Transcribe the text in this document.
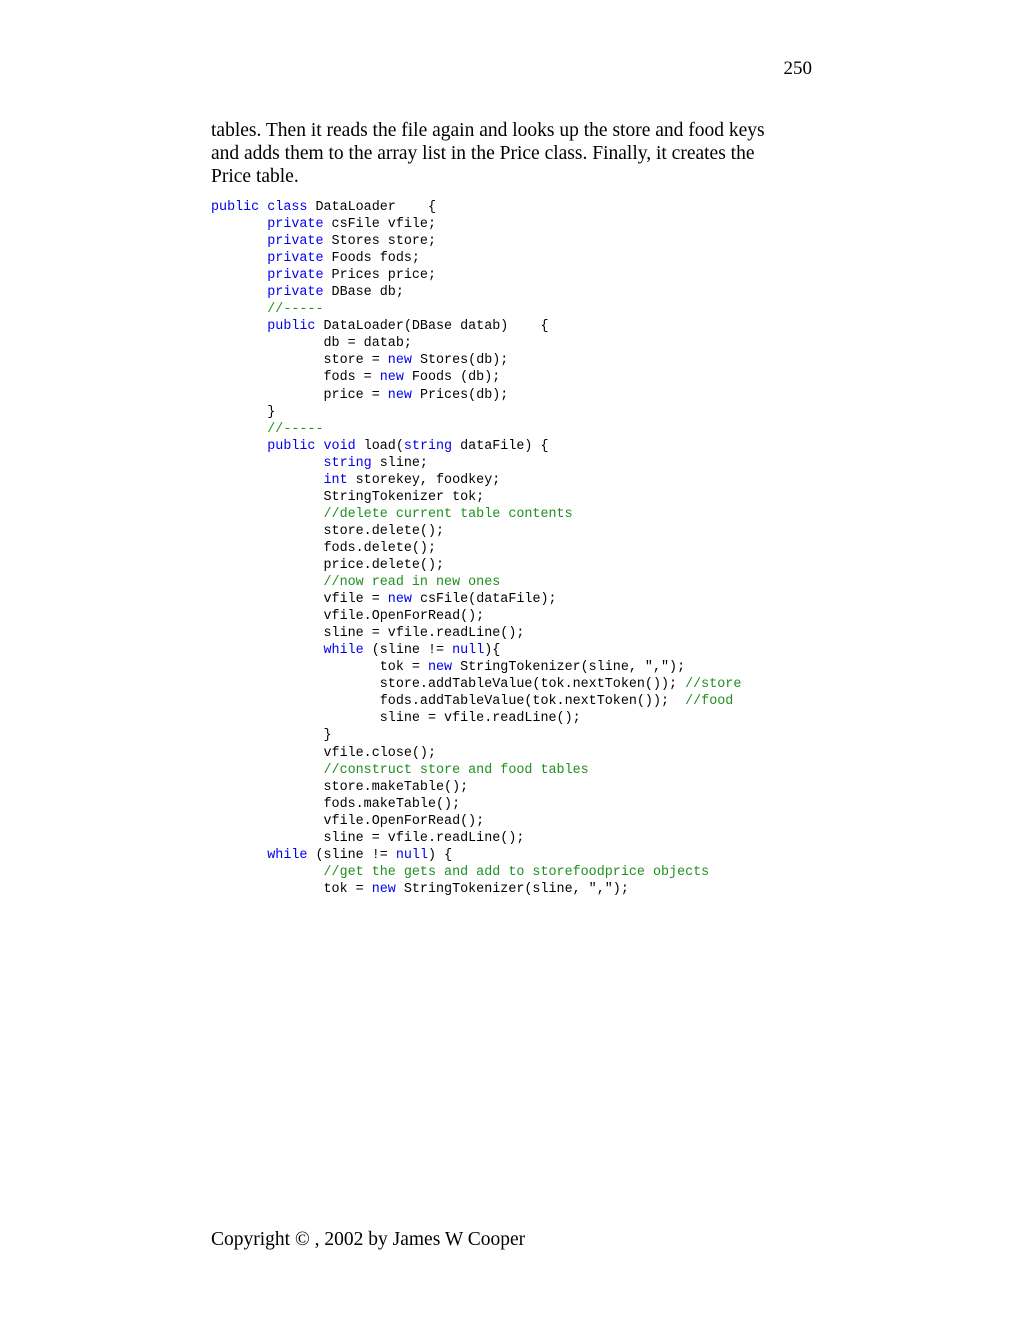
250
tables. Then it reads the file again and looks up the store and food keys
and adds them to the array list in the Price class. Finally, it creates the
Price table.
public class DataLoader    {
private csFile vfile;
private Stores store;
private Foods fods;
private Prices price;
private DBase db;
//-----
public DataLoader(DBase datab)    {
db = datab;
store = new Stores(db);
fods = new Foods (db);
price = new Prices(db);
}
//-----
public void load(string dataFile) {
string sline;
int storekey, foodkey;
StringTokenizer tok;
//delete current table contents
store.delete();
fods.delete();
price.delete();
//now read in new ones
vfile = new csFile(dataFile);
vfile.OpenForRead();
sline = vfile.readLine();
while (sline != null){
tok = new StringTokenizer(sline, ",");
store.addTableValue(tok.nextToken()); //store
fods.addTableValue(tok.nextToken());  //food
sline = vfile.readLine();
}
vfile.close();
//construct store and food tables
store.makeTable();
fods.makeTable();
vfile.OpenForRead();
sline = vfile.readLine();
while (sline != null) {
//get the gets and add to storefoodprice objects
tok = new StringTokenizer(sline, ",");
Copyright © , 2002 by James W Cooper
